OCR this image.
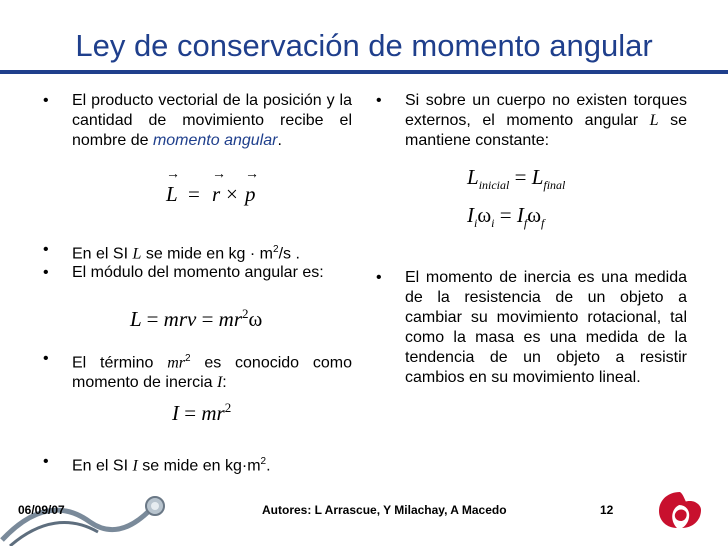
Ley de conservación de momento angular
• El producto vectorial de la posición y la cantidad de movimiento recibe el nombre de momento angular.
→ → →
L = r × p
• En el SI L se mide en kg · $m^2/s$ .
• El módulo del momento angular es:
L = mrv = $mr^2\omega$
• El término $mr^2$ es conocido como momento de inercia I:
$I = mr^2$
• En el SI I se mide en $kg\cdot m^2$.
• Si sobre un cuerpo no existen torques externos, el momento angular L se mantiene constante:
$L_{inicial} = L_{final}$
$I_i\omega_i = I_f\omega_f$
• El momento de inercia es una medida de la resistencia de un objeto a cambiar su movimiento rotacional, tal como la masa es una medida de la tendencia de un objeto a resistir cambios en su movimiento lineal.
06/09/07	Autores: L Arrascue, Y Milachay, A Macedo	12
